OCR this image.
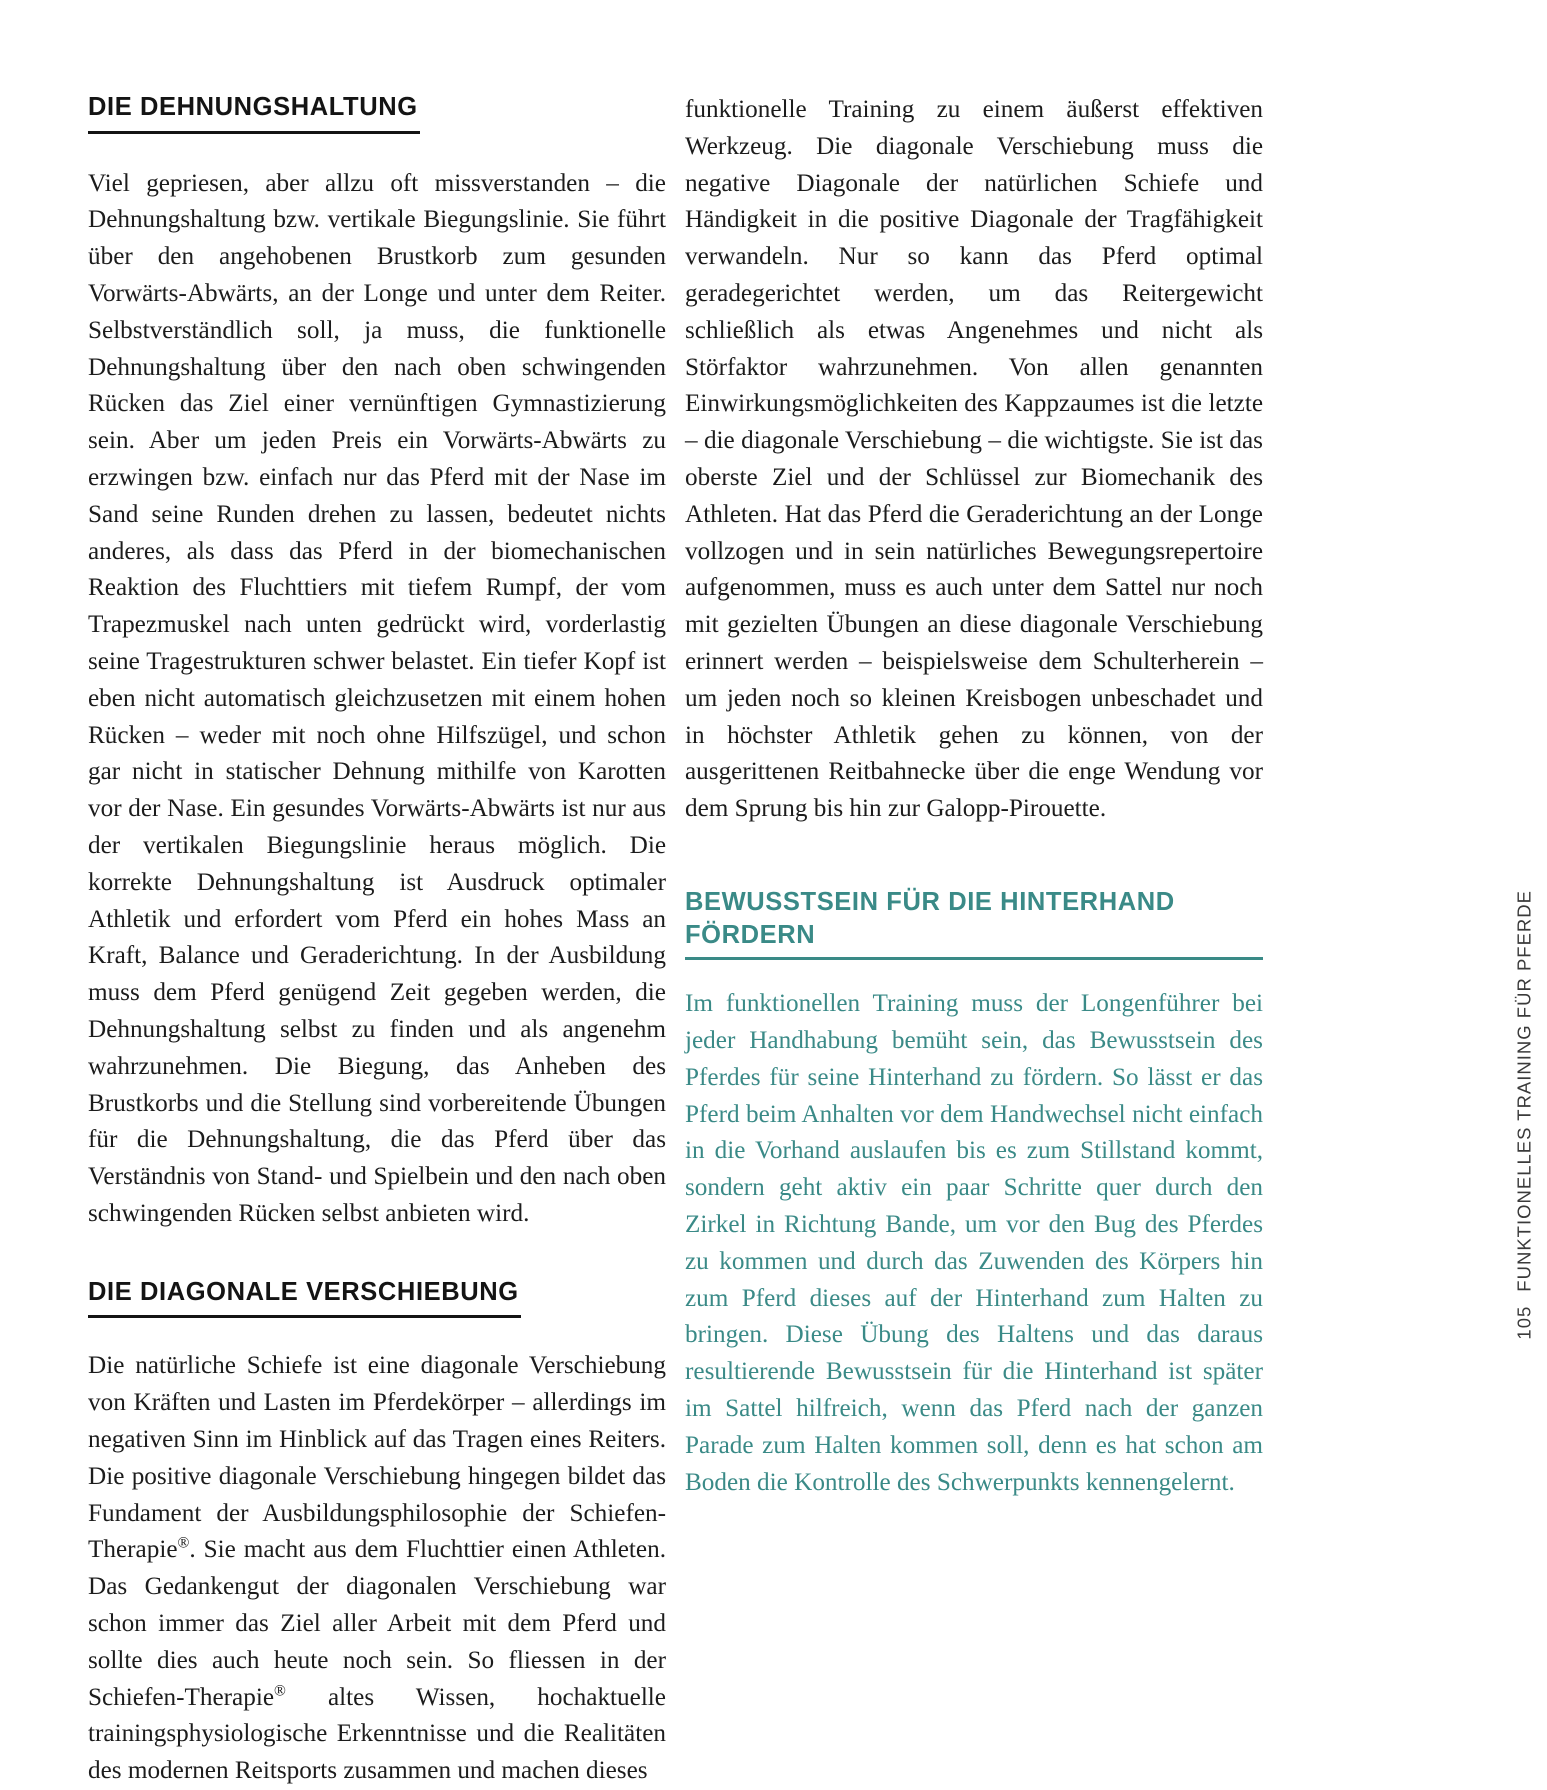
DIE DEHNUNGSHALTUNG

Viel gepriesen, aber allzu oft missverstanden – die Dehnungshaltung bzw. vertikale Biegungslinie. Sie führt über den angehobenen Brustkorb zum gesunden Vorwärts-Abwärts, an der Longe und unter dem Reiter. Selbstverständlich soll, ja muss, die funktionelle Dehnungshaltung über den nach oben schwingenden Rücken das Ziel einer vernünftigen Gymnastizierung sein. Aber um jeden Preis ein Vorwärts-Abwärts zu erzwingen bzw. einfach nur das Pferd mit der Nase im Sand seine Runden drehen zu lassen, bedeutet nichts anderes, als dass das Pferd in der biomechanischen Reaktion des Fluchttiers mit tiefem Rumpf, der vom Trapezmuskel nach unten gedrückt wird, vorderlastig seine Tragestrukturen schwer belastet. Ein tiefer Kopf ist eben nicht automatisch gleichzusetzen mit einem hohen Rücken – weder mit noch ohne Hilfszügel, und schon gar nicht in statischer Dehnung mithilfe von Karotten vor der Nase. Ein gesundes Vorwärts-Abwärts ist nur aus der vertikalen Biegungslinie heraus möglich. Die korrekte Dehnungshaltung ist Ausdruck optimaler Athletik und erfordert vom Pferd ein hohes Mass an Kraft, Balance und Geraderichtung. In der Ausbildung muss dem Pferd genügend Zeit gegeben werden, die Dehnungshaltung selbst zu finden und als angenehm wahrzunehmen. Die Biegung, das Anheben des Brustkorbs und die Stellung sind vorbereitende Übungen für die Dehnungshaltung, die das Pferd über das Verständnis von Stand- und Spielbein und den nach oben schwingenden Rücken selbst anbieten wird.

DIE DIAGONALE VERSCHIEBUNG

Die natürliche Schiefe ist eine diagonale Verschiebung von Kräften und Lasten im Pferdekörper – allerdings im negativen Sinn im Hinblick auf das Tragen eines Reiters. Die positive diagonale Verschiebung hingegen bildet das Fundament der Ausbildungsphilosophie der Schiefen-Therapie®. Sie macht aus dem Fluchttier einen Athleten. Das Gedankengut der diagonalen Verschiebung war schon immer das Ziel aller Arbeit mit dem Pferd und sollte dies auch heute noch sein. So fliessen in der Schiefen-Therapie® altes Wissen, hochaktuelle trainingsphysiologische Erkenntnisse und die Realitäten des modernen Reitsports zusammen und machen dieses

funktionelle Training zu einem äußerst effektiven Werkzeug. Die diagonale Verschiebung muss die negative Diagonale der natürlichen Schiefe und Händigkeit in die positive Diagonale der Tragfähigkeit verwandeln. Nur so kann das Pferd optimal geradegerichtet werden, um das Reitergewicht schließlich als etwas Angenehmes und nicht als Störfaktor wahrzunehmen. Von allen genannten Einwirkungsmöglichkeiten des Kappzaumes ist die letzte – die diagonale Verschiebung – die wichtigste. Sie ist das oberste Ziel und der Schlüssel zur Biomechanik des Athleten. Hat das Pferd die Geraderichtung an der Longe vollzogen und in sein natürliches Bewegungsrepertoire aufgenommen, muss es auch unter dem Sattel nur noch mit gezielten Übungen an diese diagonale Verschiebung erinnert werden – beispielsweise dem Schulterherein – um jeden noch so kleinen Kreisbogen unbeschadet und in höchster Athletik gehen zu können, von der ausgerittenen Reitbahnecke über die enge Wendung vor dem Sprung bis hin zur Galopp-Pirouette.

BEWUSSTSEIN FÜR DIE HINTERHAND FÖRDERN

Im funktionellen Training muss der Longenführer bei jeder Handhabung bemüht sein, das Bewusstsein des Pferdes für seine Hinterhand zu fördern. So lässt er das Pferd beim Anhalten vor dem Handwechsel nicht einfach in die Vorhand auslaufen bis es zum Stillstand kommt, sondern geht aktiv ein paar Schritte quer durch den Zirkel in Richtung Bande, um vor den Bug des Pferdes zu kommen und durch das Zuwenden des Körpers hin zum Pferd dieses auf der Hinterhand zum Halten zu bringen. Diese Übung des Haltens und das daraus resultierende Bewusstsein für die Hinterhand ist später im Sattel hilfreich, wenn das Pferd nach der ganzen Parade zum Halten kommen soll, denn es hat schon am Boden die Kontrolle des Schwerpunkts kennengelernt.

105FUNKTIONELLES TRAINING FÜR PFERDE
